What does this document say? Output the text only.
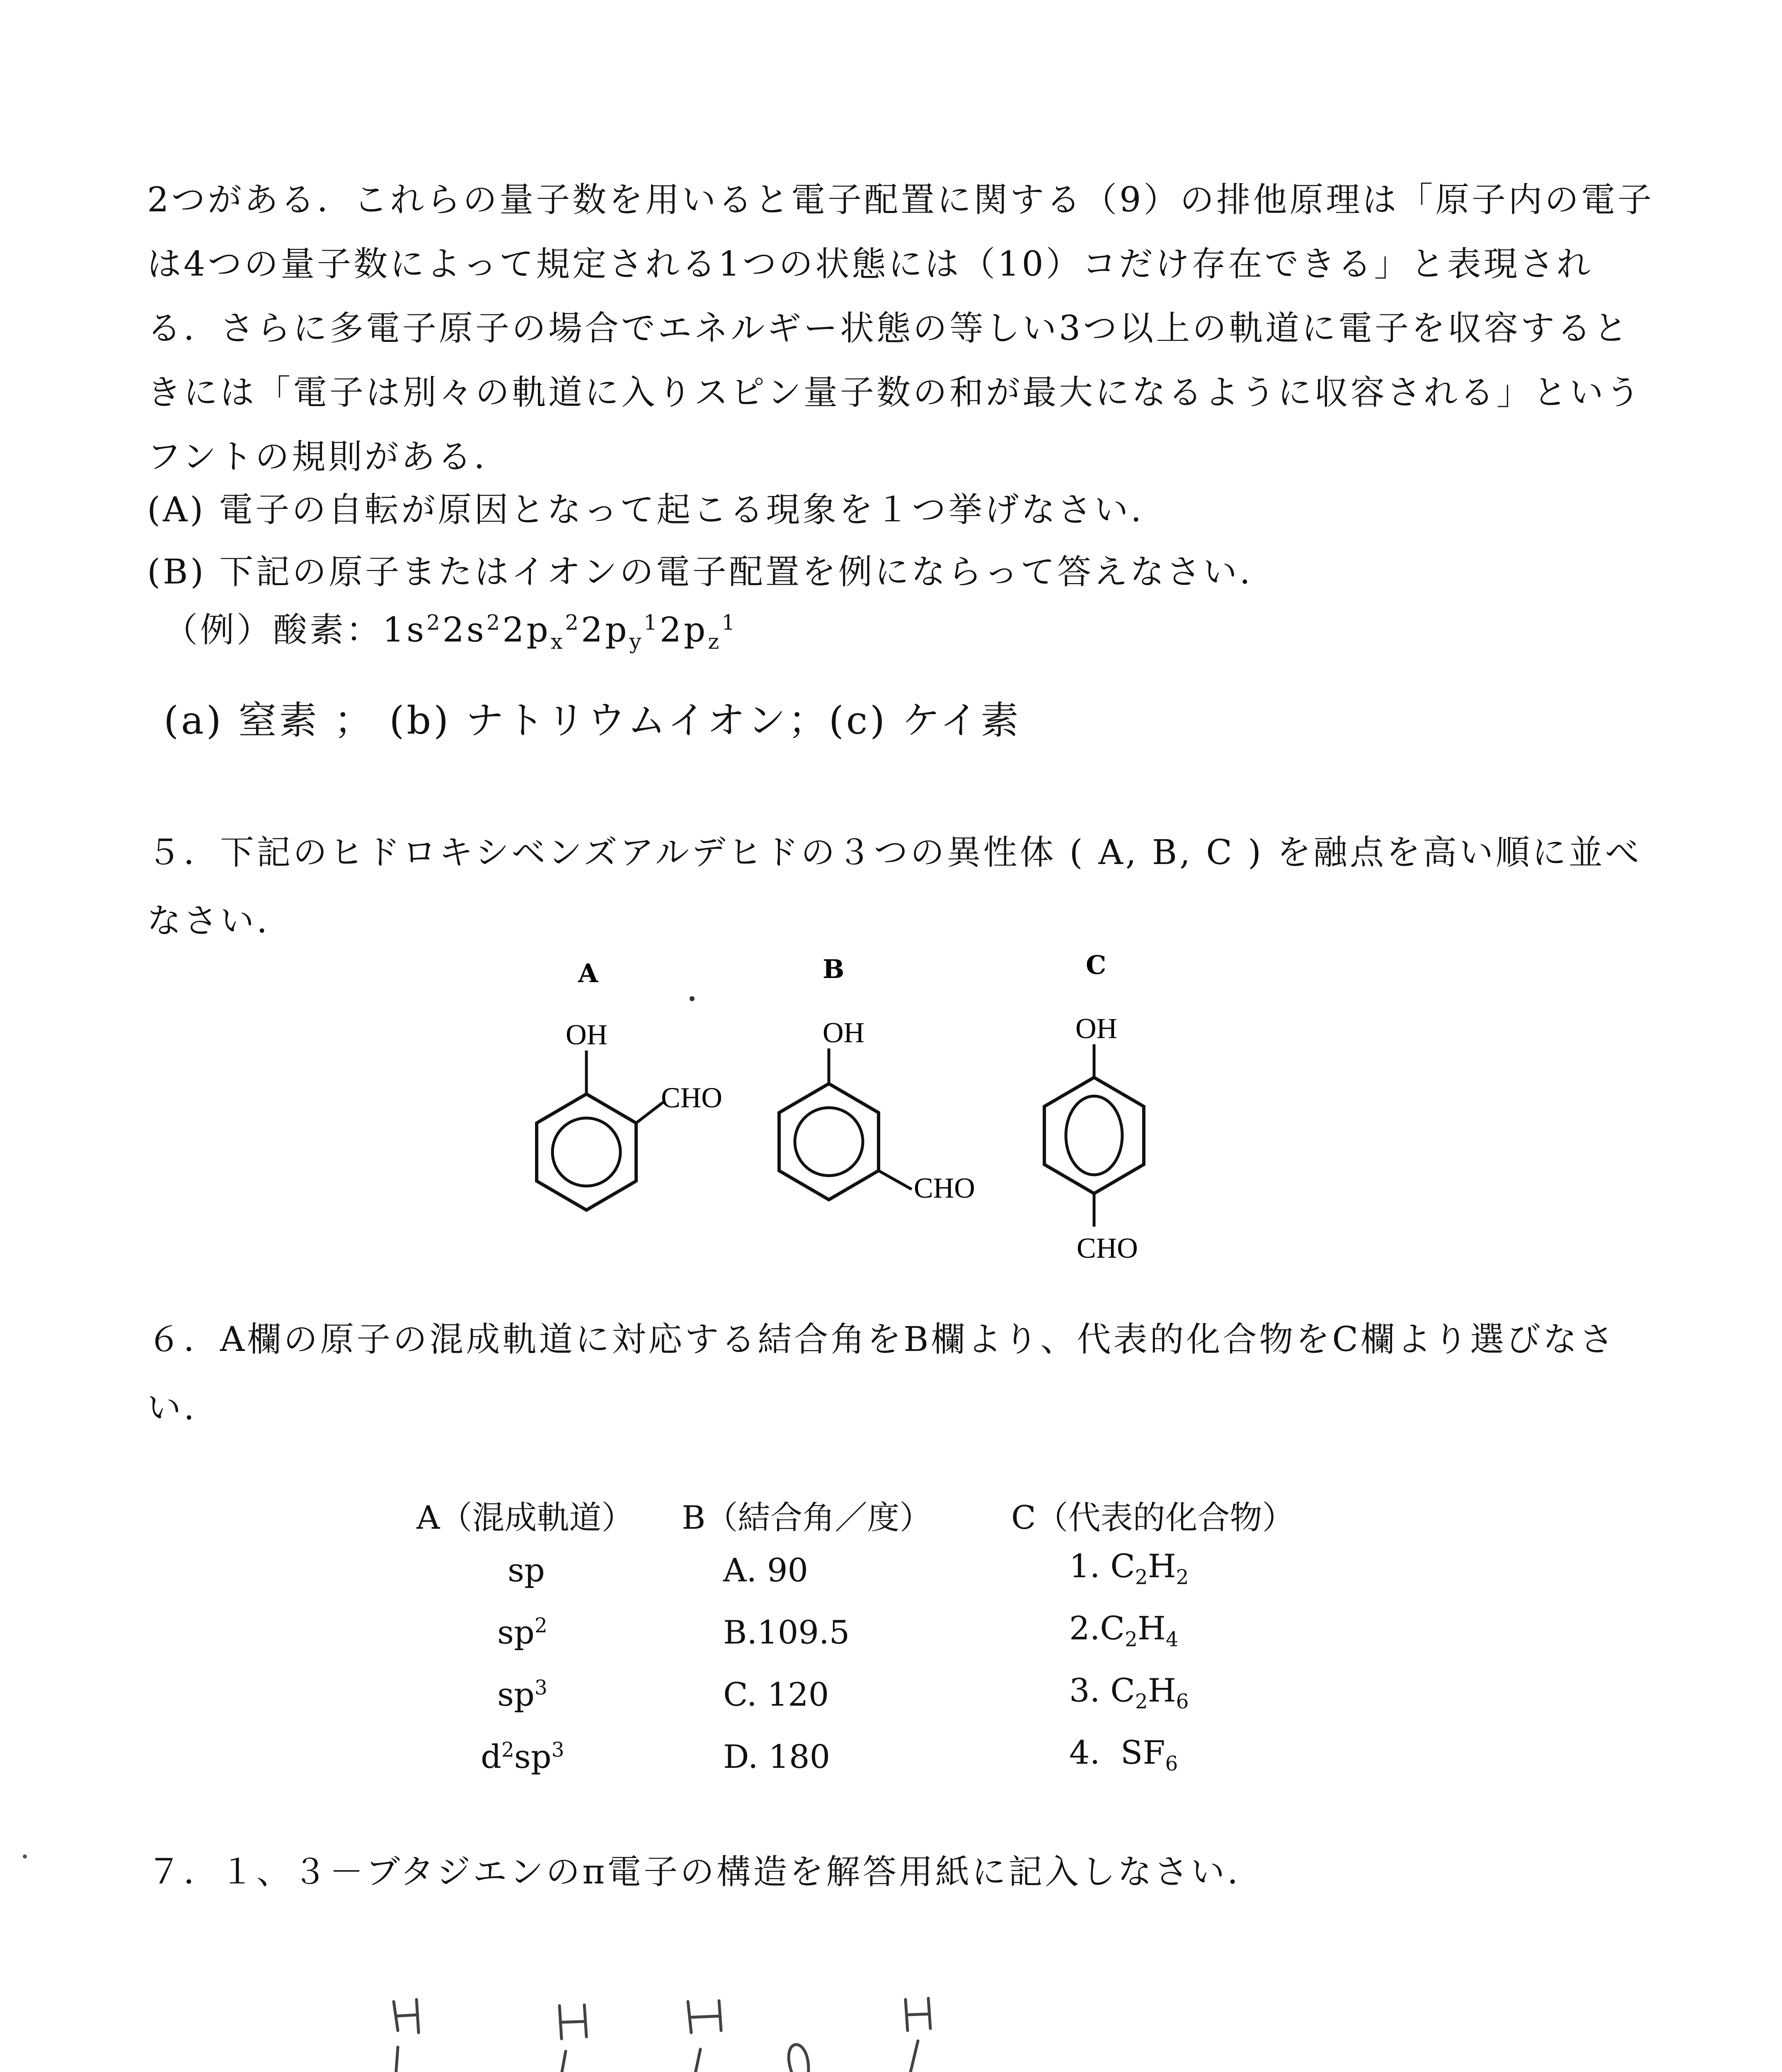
2つがある．これらの量子数を用いると電子配置に関する（9）の排他原理は「原子内の電子は4つの量子数によって規定される1つの状態には（10）コだけ存在できる」と表現される．さらに多電子原子の場合でエネルギー状態の等しい3つ以上の軌道に電子を収容するときには「電子は別々の軌道に入りスピン量子数の和が最大になるように収容される」というフントの規則がある．
(A) 電子の自転が原因となって起こる現象を１つ挙げなさい.
(B) 下記の原子またはイオンの電子配置を例にならって答えなさい.
（例）酸素：$1s^22s^22p_x^22p_y^12p_z^1$
(a) 窒素 ； (b) ナトリウムイオン；(c) ケイ素
５．下記のヒドロキシベンズアルデヒドの３つの異性体 ( A, B, C ) を融点を高い順に並べなさい.
A
OH
CHO
B
OH
CHO
C
OH
CHO
６．A欄の原子の混成軌道に対応する結合角をB欄より、代表的化合物をC欄より選びなさい.
A（混成軌道） B（結合角／度） C（代表的化合物）
sp
$sp^2$
$sp^3$
$d^2sp^3$
A. 90
B.109.5
C. 120
D. 180
1. $C_2H_2$
$2.C_2H_4$
3. $C_2H_6$
4. $SF_6$
７．１、３－ブタジエンのπ電子の構造を解答用紙に記入しなさい.
